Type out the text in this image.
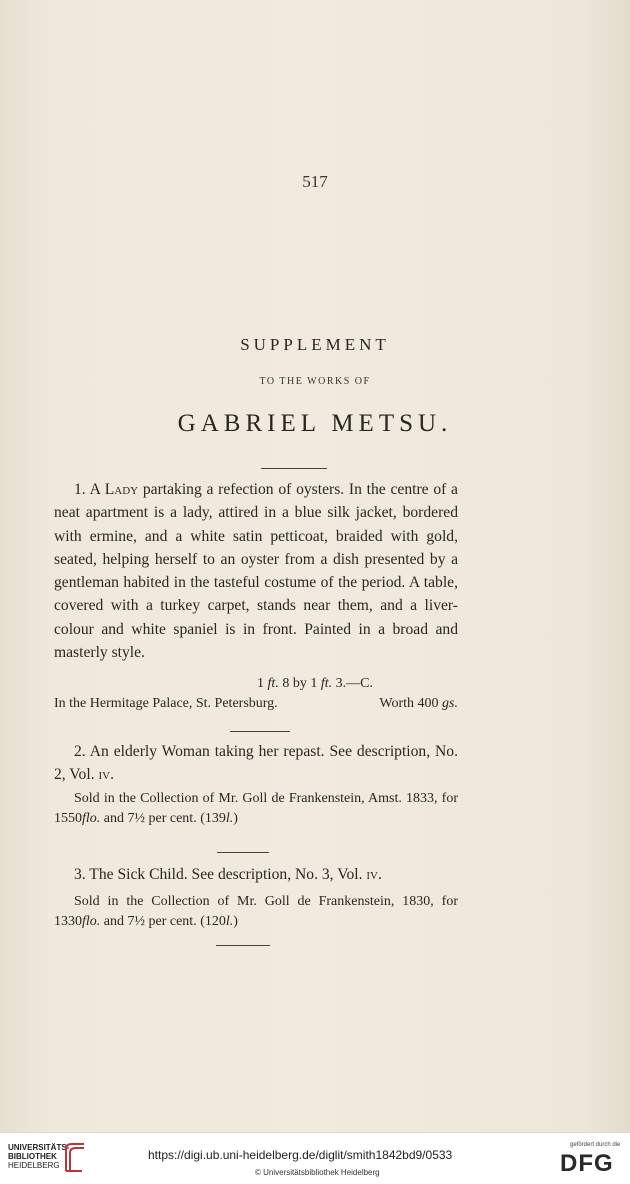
517
SUPPLEMENT
TO THE WORKS OF
GABRIEL METSU.

1. A Lady partaking a refection of oysters. In the centre of a neat apartment is a lady, attired in a blue silk jacket, bordered with ermine, and a white satin petticoat, braided with gold, seated, helping herself to an oyster from a dish presented by a gentleman habited in the tasteful costume of the period. A table, covered with a turkey carpet, stands near them, and a liver-colour and white spaniel is in front. Painted in a broad and masterly style.

1 ft. 8 by 1 ft. 3.—C.
In the Hermitage Palace, St. Petersburg.	Worth 400 gs.

2. An elderly Woman taking her repast. See description, No. 2, Vol. iv.

Sold in the Collection of Mr. Goll de Frankenstein, Amst. 1833, for 1550flo. and 7½ per cent. (139l.)

3. The Sick Child. See description, No. 3, Vol. iv.

Sold in the Collection of Mr. Goll de Frankenstein, 1830, for 1330flo. and 7½ per cent. (120l.)

UNIVERSITÄTS-
BIBLIOTHEK
HEIDELBERG
https://digi.ub.uni-heidelberg.de/diglit/smith1842bd9/0533
© Universitätsbibliothek Heidelberg
gefördert durch die
DFG
